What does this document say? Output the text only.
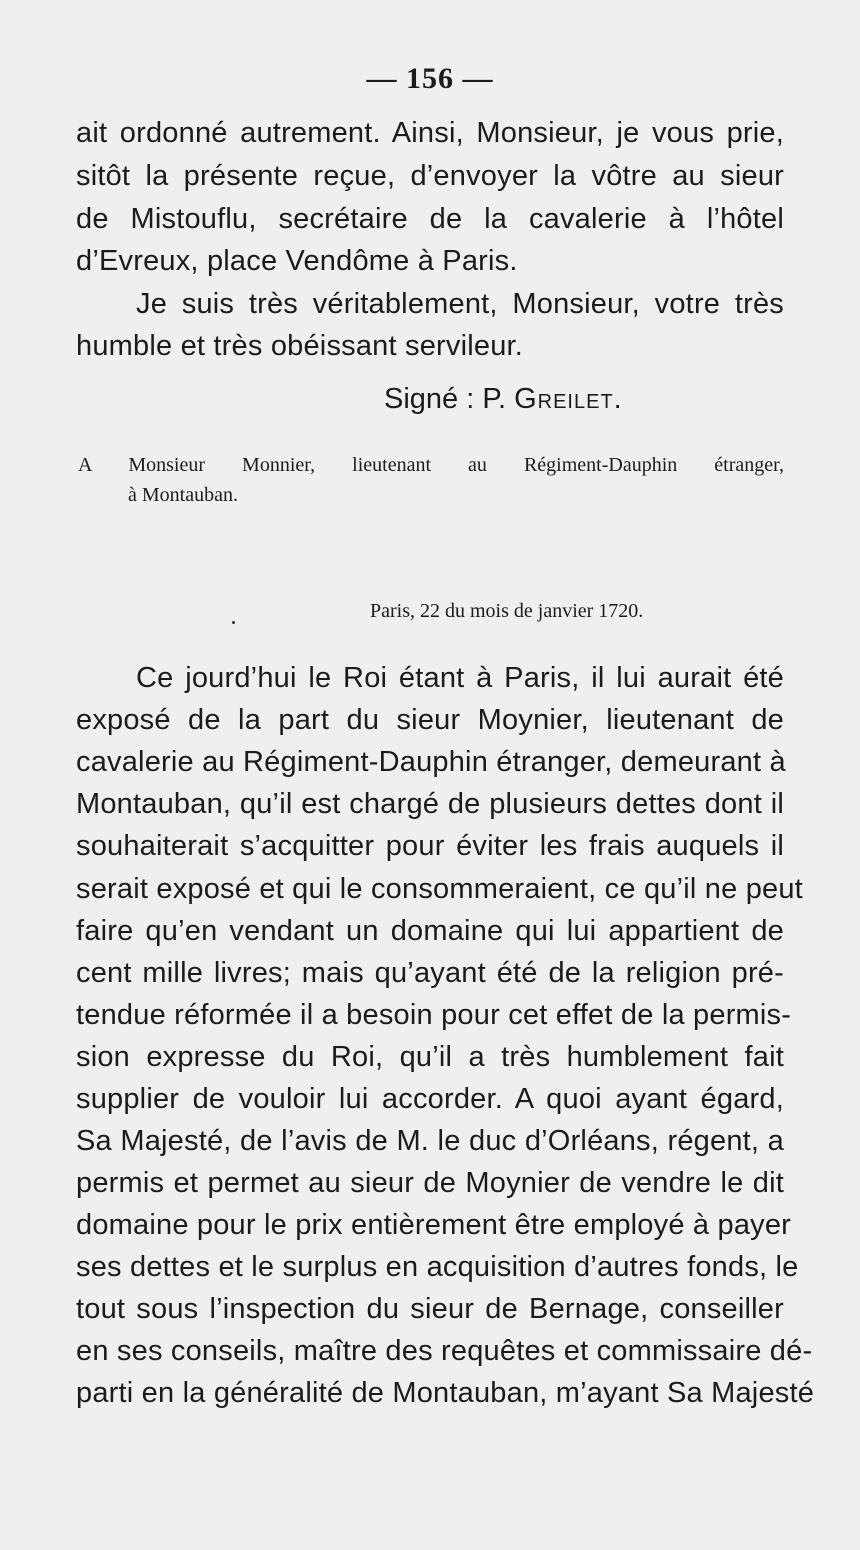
— 156 —
ait ordonné autrement. Ainsi, Monsieur, je vous prie,
sitôt la présente reçue, d’envoyer la vôtre au sieur
de Mistouflu, secrétaire de la cavalerie à l’hôtel
d’Evreux, place Vendôme à Paris.
Je suis très véritablement, Monsieur, votre très
humble et très obéissant servileur.
Signé : P. Greilet.
A Monsieur Monnier, lieutenant au Régiment-Dauphin étranger,
à Montauban.
Paris, 22 du mois de janvier 1720.
Ce jourd’hui le Roi étant à Paris, il lui aurait été
exposé de la part du sieur Moynier, lieutenant de
cavalerie au Régiment-Dauphin étranger, demeurant à
Montauban, qu’il est chargé de plusieurs dettes dont il
souhaiterait s’acquitter pour éviter les frais auquels il
serait exposé et qui le consommeraient, ce qu’il ne peut
faire qu’en vendant un domaine qui lui appartient de
cent mille livres; mais qu’ayant été de la religion pré-
tendue réformée il a besoin pour cet effet de la permis-
sion expresse du Roi, qu’il a très humblement fait
supplier de vouloir lui accorder. A quoi ayant égard,
Sa Majesté, de l’avis de M. le duc d’Orléans, régent, a
permis et permet au sieur de Moynier de vendre le dit
domaine pour le prix entièrement être employé à payer
ses dettes et le surplus en acquisition d’autres fonds, le
tout sous l’inspection du sieur de Bernage, conseiller
en ses conseils, maître des requêtes et commissaire dé-
parti en la généralité de Montauban, m’ayant Sa Majesté
